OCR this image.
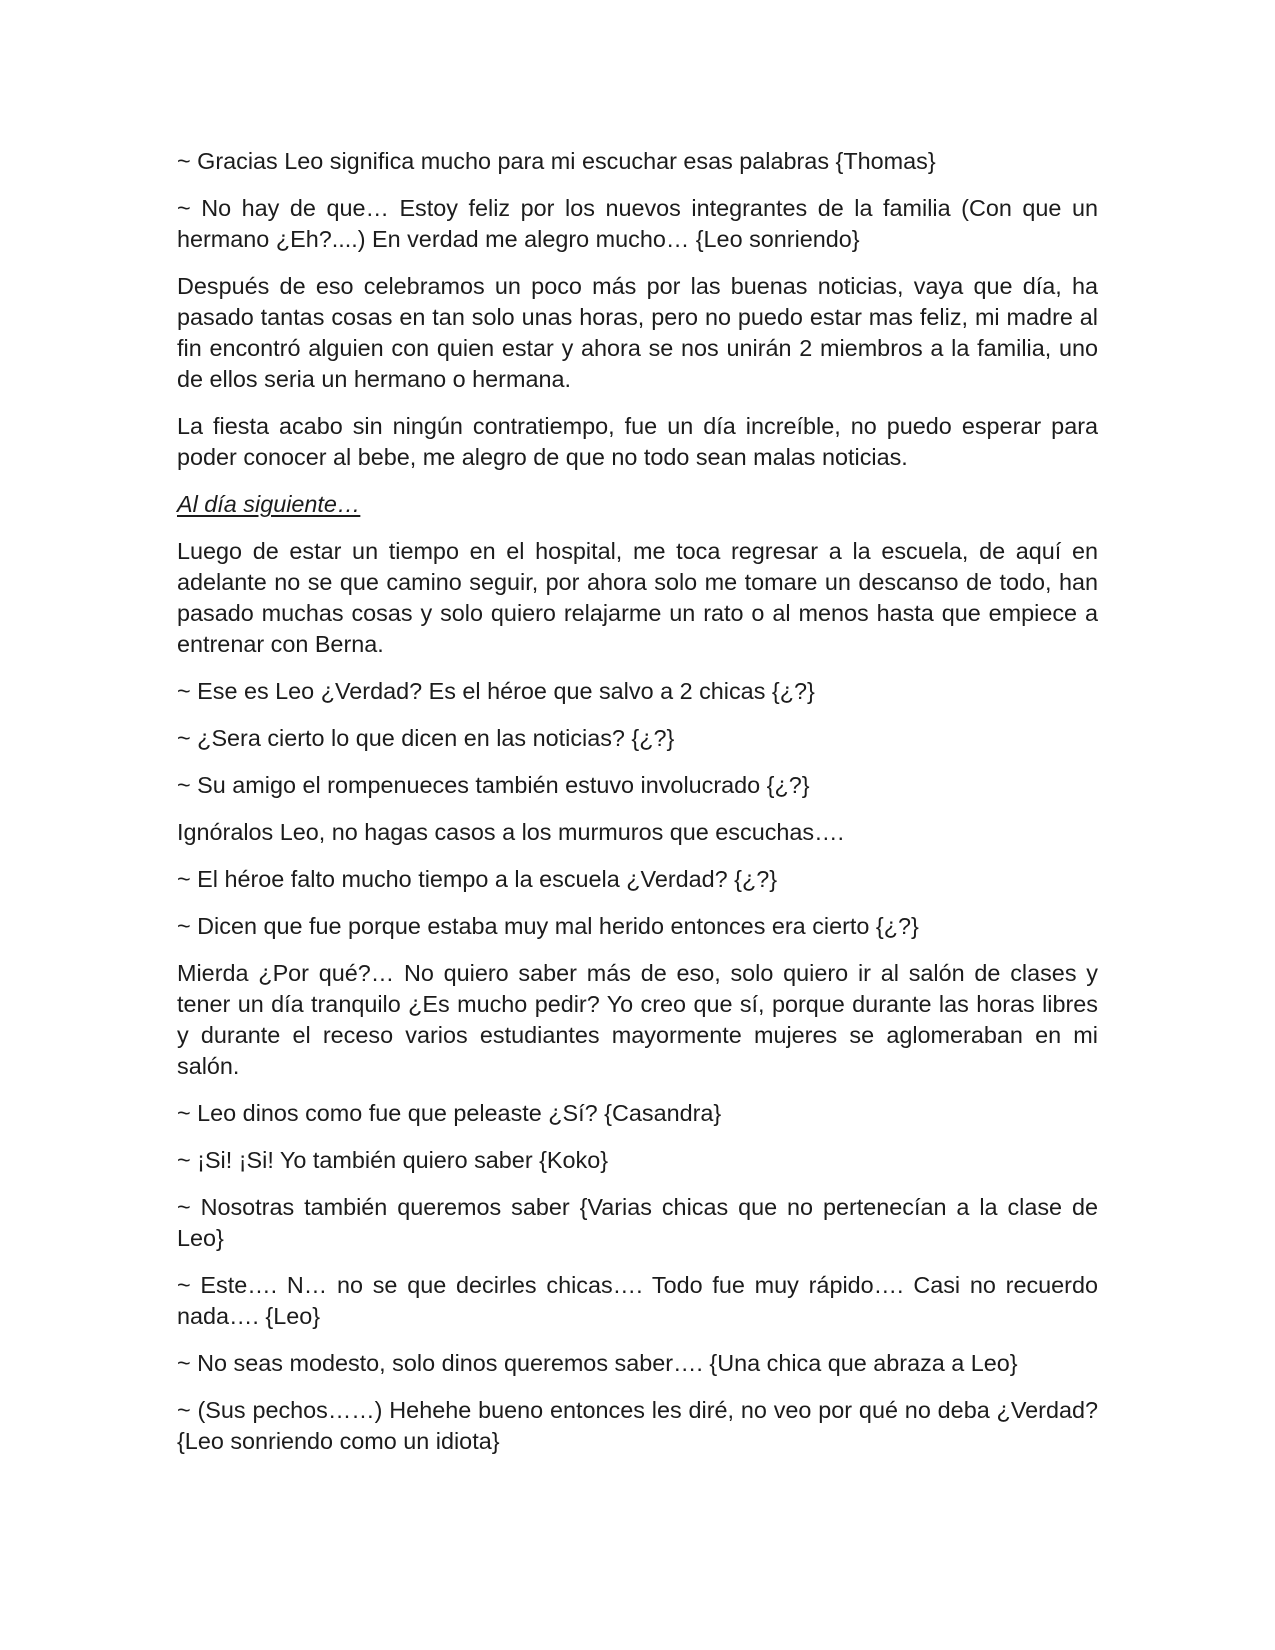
~ Gracias Leo significa mucho para mi escuchar esas palabras {Thomas}

~ No hay de que… Estoy feliz por los nuevos integrantes de la familia (Con que un hermano ¿Eh?....) En verdad me alegro mucho… {Leo sonriendo}

Después de eso celebramos un poco más por las buenas noticias, vaya que día, ha pasado tantas cosas en tan solo unas horas, pero no puedo estar mas feliz, mi madre al fin encontró alguien con quien estar y ahora se nos unirán 2 miembros a la familia, uno de ellos seria un hermano o hermana.

La fiesta acabo sin ningún contratiempo, fue un día increíble, no puedo esperar para poder conocer al bebe, me alegro de que no todo sean malas noticias.

Al día siguiente…

Luego de estar un tiempo en el hospital, me toca regresar a la escuela, de aquí en adelante no se que camino seguir, por ahora solo me tomare un descanso de todo, han pasado muchas cosas y solo quiero relajarme un rato o al menos hasta que empiece a entrenar con Berna.

~ Ese es Leo ¿Verdad? Es el héroe que salvo a 2 chicas {¿?}

~ ¿Sera cierto lo que dicen en las noticias? {¿?}

~ Su amigo el rompenueces también estuvo involucrado {¿?}

Ignóralos Leo, no hagas casos a los murmuros que escuchas….

~ El héroe falto mucho tiempo a la escuela ¿Verdad? {¿?}

~ Dicen que fue porque estaba muy mal herido entonces era cierto {¿?}

Mierda ¿Por qué?… No quiero saber más de eso, solo quiero ir al salón de clases y tener un día tranquilo ¿Es mucho pedir? Yo creo que sí, porque durante las horas libres y durante el receso varios estudiantes mayormente mujeres se aglomeraban en mi salón.

~ Leo dinos como fue que peleaste ¿Sí? {Casandra}

~ ¡Si! ¡Si! Yo también quiero saber {Koko}

~ Nosotras también queremos saber {Varias chicas que no pertenecían a la clase de Leo}

~ Este…. N… no se que decirles chicas…. Todo fue muy rápido…. Casi no recuerdo nada…. {Leo}

~ No seas modesto, solo dinos queremos saber…. {Una chica que abraza a Leo}

~ (Sus pechos……) Hehehe bueno entonces les diré, no veo por qué no deba ¿Verdad? {Leo sonriendo como un idiota}
